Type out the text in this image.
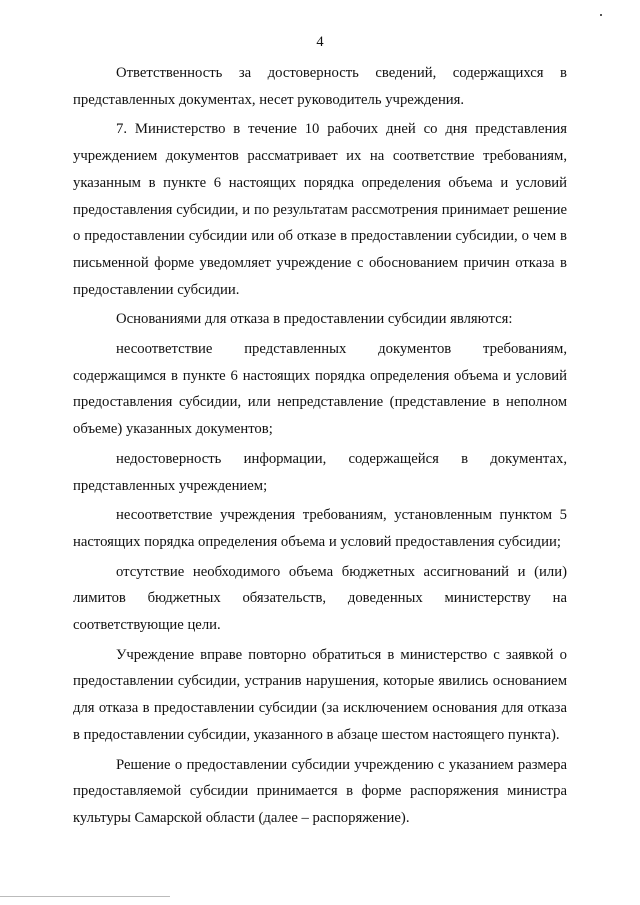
4

Ответственность за достоверность сведений, содержащихся в представленных документах, несет руководитель учреждения.

7. Министерство в течение 10 рабочих дней со дня представления учреждением документов рассматривает их на соответствие требованиям, указанным в пункте 6 настоящих порядка определения объема и условий предоставления субсидии, и по результатам рассмотрения принимает решение о предоставлении субсидии или об отказе в предоставлении субсидии, о чем в письменной форме уведомляет учреждение с обоснованием причин отказа в предоставлении субсидии.

Основаниями для отказа в предоставлении субсидии являются:

несоответствие представленных документов требованиям, содержащимся в пункте 6 настоящих порядка определения объема и условий предоставления субсидии, или непредставление (представление в неполном объеме) указанных документов;

недостоверность информации, содержащейся в документах, представленных учреждением;

несоответствие учреждения требованиям, установленным пунктом 5 настоящих порядка определения объема и условий предоставления субсидии;

отсутствие необходимого объема бюджетных ассигнований и (или) лимитов бюджетных обязательств, доведенных министерству на соответствующие цели.

Учреждение вправе повторно обратиться в министерство с заявкой о предоставлении субсидии, устранив нарушения, которые явились основанием для отказа в предоставлении субсидии (за исключением основания для отказа в предоставлении субсидии, указанного в абзаце шестом настоящего пункта).

Решение о предоставлении субсидии учреждению с указанием размера предоставляемой субсидии принимается в форме распоряжения министра культуры Самарской области (далее – распоряжение).
